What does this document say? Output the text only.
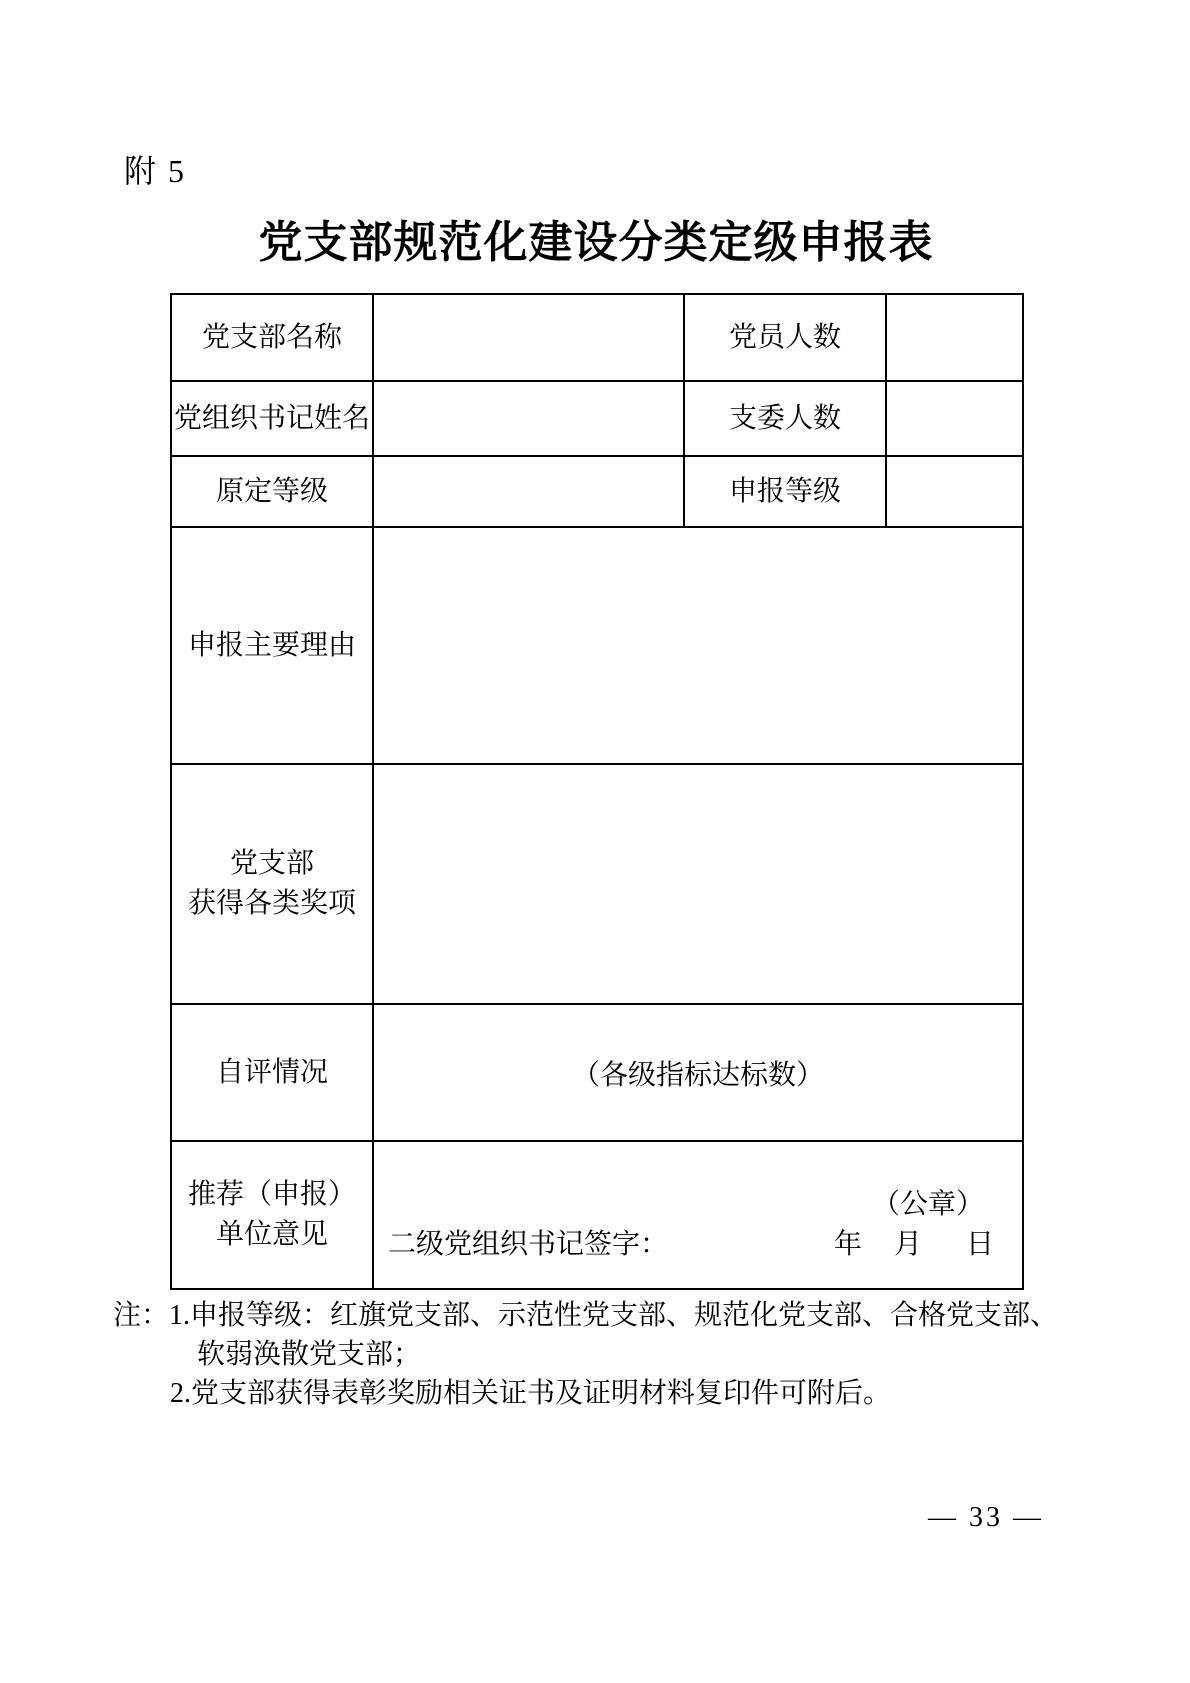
附 5
党支部规范化建设分类定级申报表
党支部名称		党员人数	
党组织书记姓名		支委人数	
原定等级		申报等级	
申报主要理由			

党支部
获得各类奖项			

自评情况	（各级指标达标数）		

推荐（申报）
单位意见

（公章）
二级党组织书记签字：	年 月 日
注：1.申报等级：红旗党支部、示范性党支部、规范化党支部、合格党支部、
软弱涣散党支部；
2.党支部获得表彰奖励相关证书及证明材料复印件可附后。
— 33 —
